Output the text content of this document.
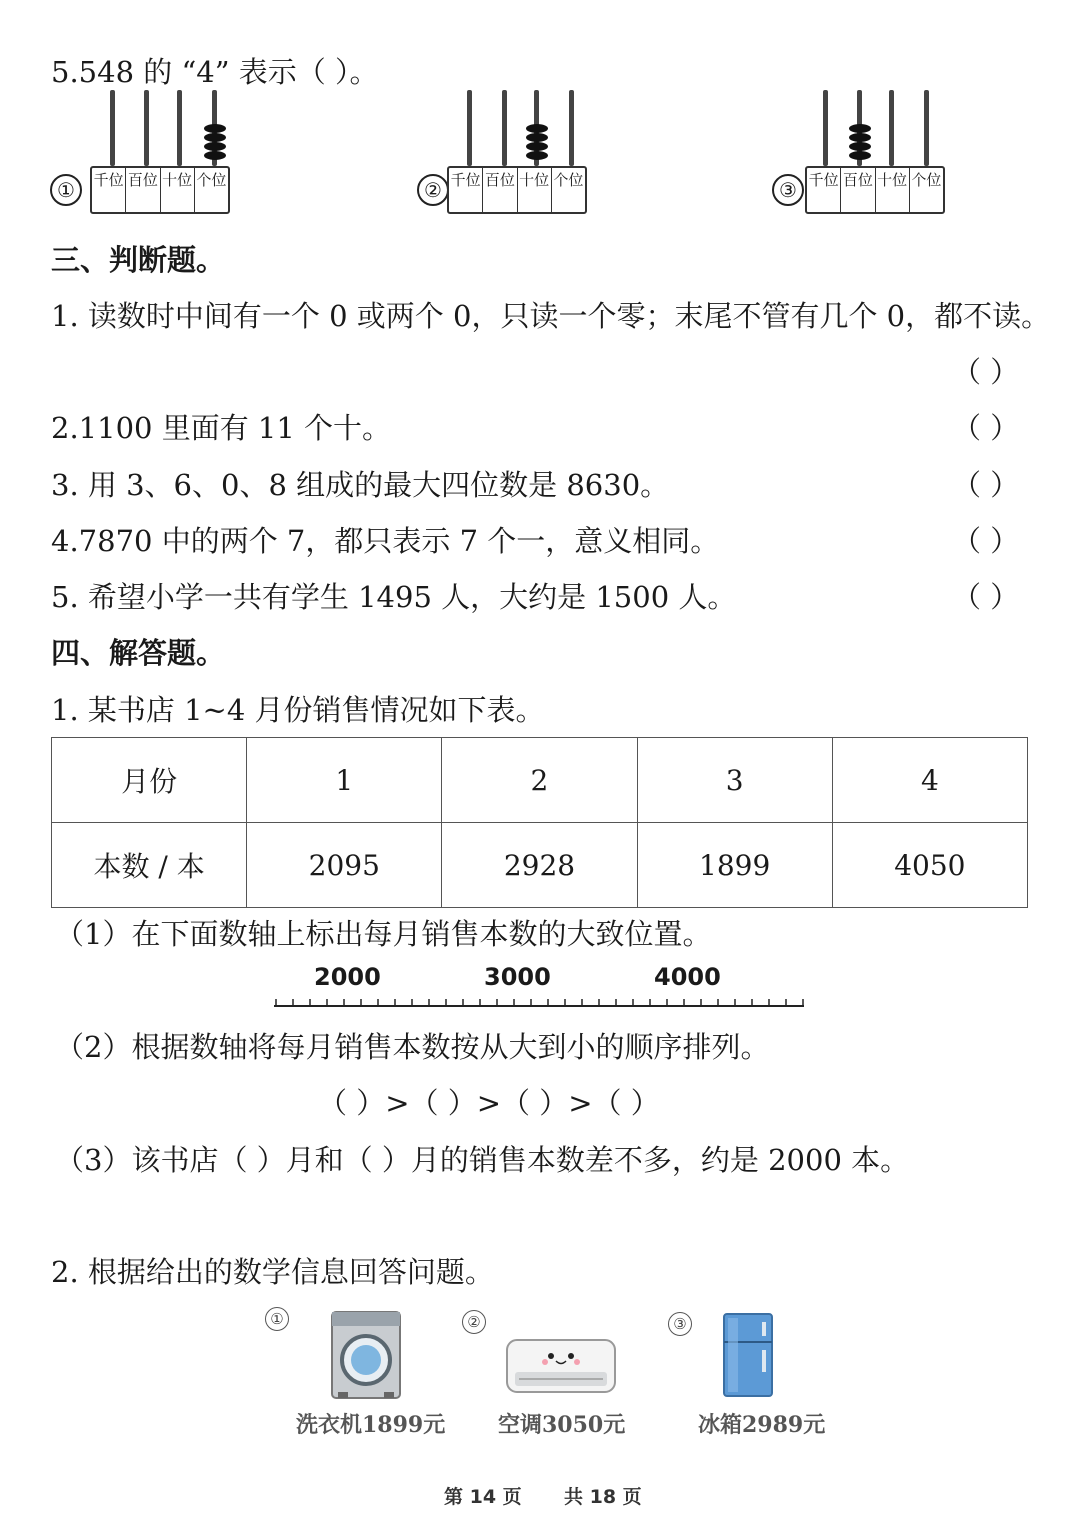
5.548 的 “4” 表示（ ）。
①	千位 百位 十位 个位	② 千位 百位 十位 个位	③ 千位 百位 十位 个位
三、判断题。
1. 读数时中间有一个 0 或两个 0，只读一个零；末尾不管有几个 0，都不读。
（ ）
2.1100 里面有 11 个十。	（ ）
3. 用 3、6、0、8 组成的最大四位数是 8630。	（ ）
4.7870 中的两个 7，都只表示 7 个一，意义相同。	（ ）
5. 希望小学一共有学生 1495 人，大约是 1500 人。	（ ）
四、解答题。
1. 某书店 1~4 月份销售情况如下表。
月份	1	2	3	4
本数 / 本	2095	2928	1899	4050
（1）在下面数轴上标出每月销售本数的大致位置。
2000	3000	4000
（2）根据数轴将每月销售本数按从大到小的顺序排列。
（ ）>（ ）>（ ）>（ ）
（3）该书店（ ）月和（ ）月的销售本数差不多，约是 2000 本。
2. 根据给出的数学信息回答问题。
①
洗衣机1899元
②
空调3050元
③
冰箱2989元
第 14 页 共 18 页
